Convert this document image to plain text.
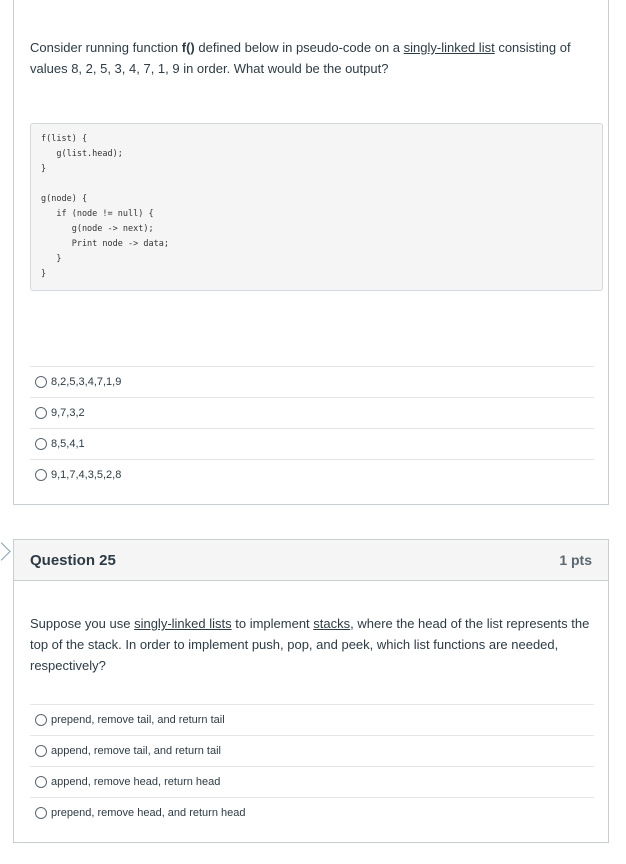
Consider running function f() defined below in pseudo-code on a singly-linked list consisting of values 8, 2, 5, 3, 4, 7, 1, 9 in order. What would be the output?
f(list) {
g(list.head);
}

g(node) {
if (node != null) {
g(node -> next);
Print node -> data;
}
}
8,2,5,3,4,7,1,9
9,7,3,2
8,5,4,1
9,1,7,4,3,5,2,8
Question 25	1 pts
Suppose you use singly-linked lists to implement stacks, where the head of the list represents the top of the stack. In order to implement push, pop, and peek, which list functions are needed, respectively?
prepend, remove tail, and return tail
append, remove tail, and return tail
append, remove head, return head
prepend, remove head, and return head
